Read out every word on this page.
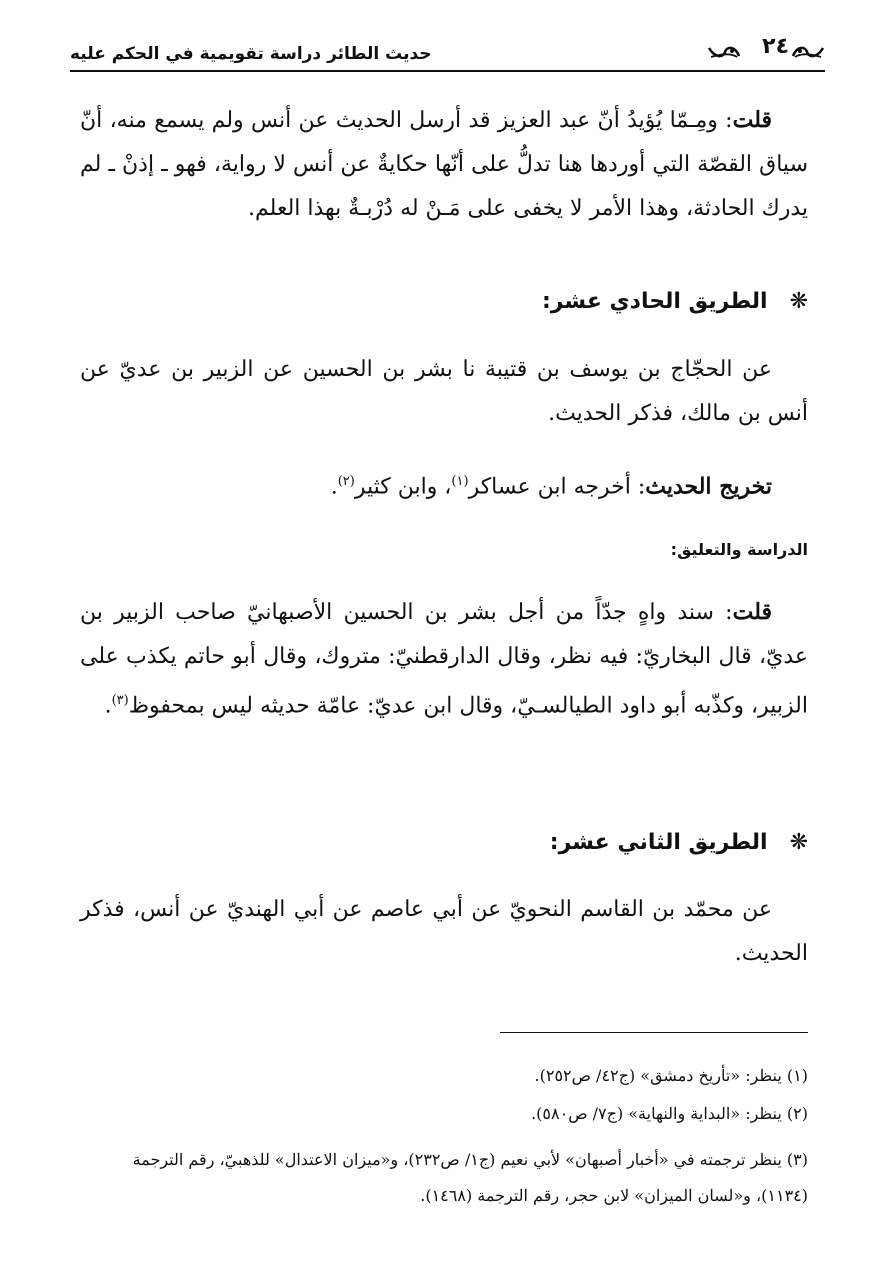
٢٤
حديث الطائر دراسة تقويمية في الحكم عليه

قلت: ومِـمّا يُؤيدُ أنّ عبد العزيز قد أرسل الحديث عن أنس ولم يسمع منه، أنّ سياق القصّة التي أوردها هنا تدلُّ على أنّها حكايةٌ عن أنس لا رواية، فهو ـ إذنْ ـ لم يدرك الحادثة، وهذا الأمر لا يخفى على مَـنْ له دُرْبـةٌ بهذا العلم.

❋الطريق الحادي عشر:

عن الحجّاج بن يوسف بن قتيبة نا بشر بن الحسين عن الزبير بن عديّ عن أنس بن مالك، فذكر الحديث.

تخريج الحديث: أخرجه ابن عساكر$^{(١)}$، وابن كثير$^{(٢)}$.

الدراسة والتعليق:

قلت: سند واهٍ جدّاً من أجل بشر بن الحسين الأصبهانيّ صاحب الزبير بن عديّ، قال البخاريّ: فيه نظر، وقال الدارقطنيّ: متروك، وقال أبو حاتم يكذب على الزبير، وكذّبه أبو داود الطيالسـيّ، وقال ابن عديّ: عامّة حديثه ليس بمحفوظ$^{(٣)}$.

❋الطريق الثاني عشر:

عن محمّد بن القاسم النحويّ عن أبي عاصم عن أبي الهنديّ عن أنس، فذكر الحديث.

(١) ينظر: «تأريخ دمشق» (ج٤٢/ ص٢٥٢).

(٢) ينظر: «البداية والنهاية» (ج٧/ ص٥٨٠).

(٣) ينظر ترجمته في «أخبار أصبهان» لأبي نعيم (ج١/ ص٢٣٢)، و«ميزان الاعتدال» للذهبيّ، رقم الترجمة (١١٣٤)، و«لسان الميزان» لابن حجر، رقم الترجمة (١٤٦٨).
